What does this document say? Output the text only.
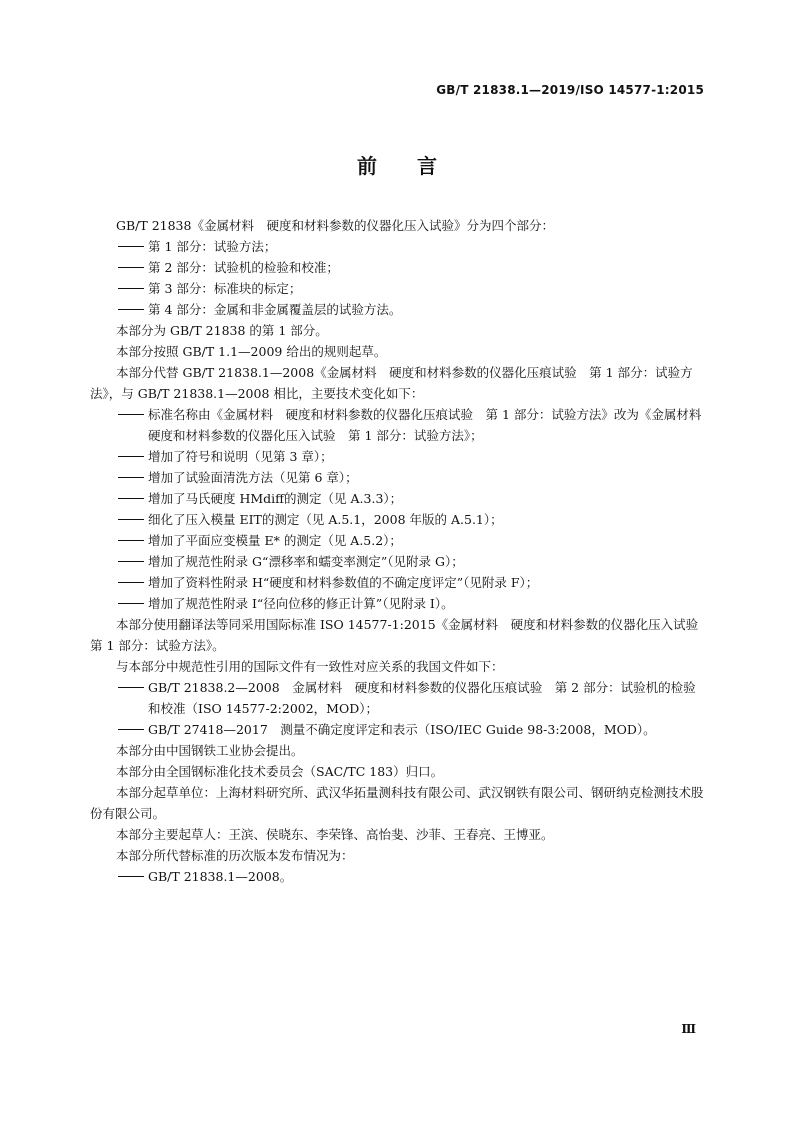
GB/T 21838.1—2019/ISO 14577-1:2015
前言

GB/T 21838《金属材料　硬度和材料参数的仪器化压入试验》分为四个部分：

第 1 部分：试验方法；
第 2 部分：试验机的检验和校准；
第 3 部分：标准块的标定；
第 4 部分：金属和非金属覆盖层的试验方法。

本部分为 GB/T 21838 的第 1 部分。

本部分按照 GB/T 1.1—2009 给出的规则起草。

本部分代替 GB/T 21838.1—2008《金属材料　硬度和材料参数的仪器化压痕试验　第 1 部分：试验方法》，与 GB/T 21838.1—2008 相比，主要技术变化如下：

标准名称由《金属材料　硬度和材料参数的仪器化压痕试验　第 1 部分：试验方法》改为《金属材料　硬度和材料参数的仪器化压入试验　第 1 部分：试验方法》；
增加了符号和说明（见第 3 章）；
增加了试验面清洗方法（见第 6 章）；
增加了马氏硬度 HMdiff的测定（见 A.3.3）；
细化了压入模量 EIT的测定（见 A.5.1，2008 年版的 A.5.1）；
增加了平面应变模量 E* 的测定（见 A.5.2）；
增加了规范性附录 G“漂移率和蠕变率测定”（见附录 G）；
增加了资料性附录 H“硬度和材料参数值的不确定度评定”（见附录 F）；
增加了规范性附录 I“径向位移的修正计算”（见附录 I）。

本部分使用翻译法等同采用国际标准 ISO 14577-1:2015《金属材料　硬度和材料参数的仪器化压入试验　第 1 部分：试验方法》。

与本部分中规范性引用的国际文件有一致性对应关系的我国文件如下：

GB/T 21838.2—2008　金属材料　硬度和材料参数的仪器化压痕试验　第 2 部分：试验机的检验和校准（ISO 14577-2:2002，MOD）；
GB/T 27418—2017　测量不确定度评定和表示（ISO/IEC Guide 98-3:2008，MOD）。

本部分由中国钢铁工业协会提出。

本部分由全国钢标准化技术委员会（SAC/TC 183）归口。

本部分起草单位：上海材料研究所、武汉华拓量测科技有限公司、武汉钢铁有限公司、钢研纳克检测技术股份有限公司。

本部分主要起草人：王滨、侯晓东、李荣锋、高怡斐、沙菲、王春亮、王博亚。

本部分所代替标准的历次版本发布情况为：

GB/T 21838.1—2008。
Ⅲ
